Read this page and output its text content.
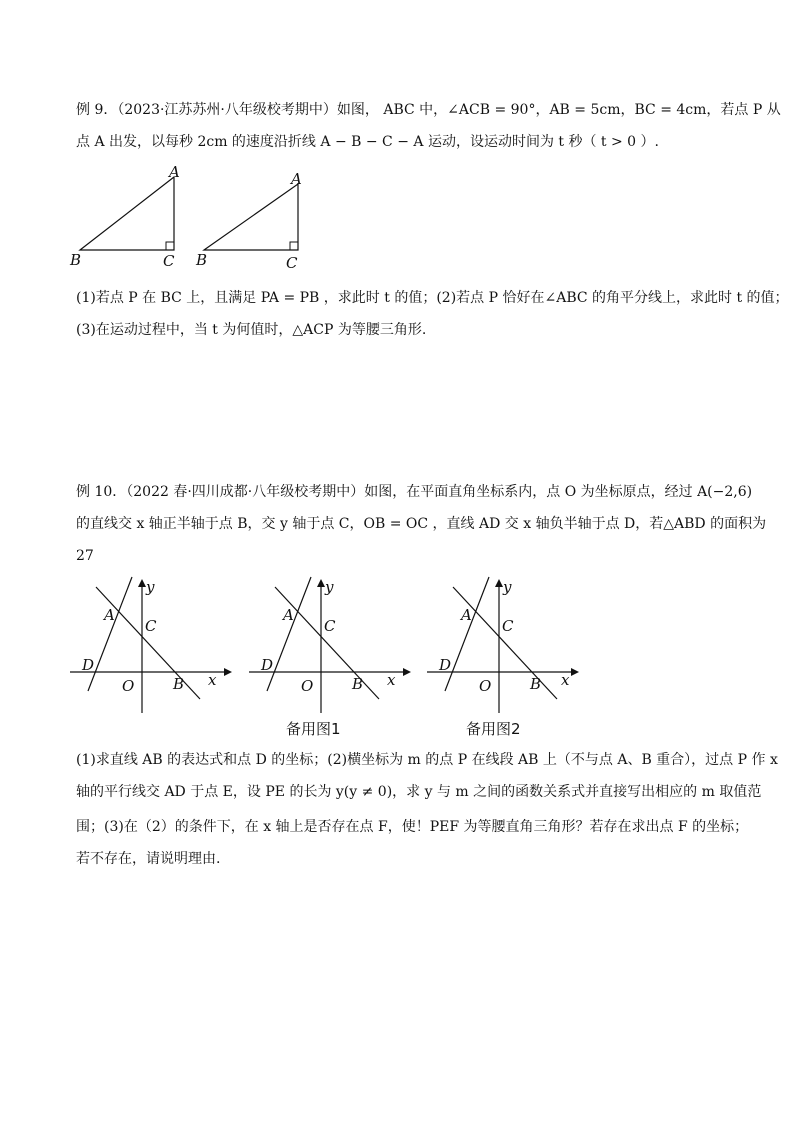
例 9．（2023·江苏苏州·八年级校考期中）如图， ABC 中，∠ACB = 90°，AB = 5cm，BC = 4cm，若点 P 从
点 A 出发，以每秒 2cm 的速度沿折线 A − B − C − A 运动，设运动时间为 t 秒（ t > 0 ）.
A
B	C
A
B	C
(1)若点 P 在 BC 上，且满足 PA = PB ，求此时 t 的值；(2)若点 P 恰好在∠ABC 的角平分线上，求此时 t 的值；
(3)在运动过程中，当 t 为何值时，△ACP 为等腰三角形.
例 10．（2022 春·四川成都·八年级校考期中）如图，在平面直角坐标系内，点 O 为坐标原点，经过 A(−2,6)
的直线交 x 轴正半轴于点 B，交 y 轴于点 C，OB = OC ，直线 AD 交 x 轴负半轴于点 D，若△ABD 的面积为
27
y
A
C
D
O	B x
y
A
C
D
O	B x
y
A
C
D
O	B x
备用图1	备用图2
(1)求直线 AB 的表达式和点 D 的坐标；(2)横坐标为 m 的点 P 在线段 AB 上（不与点 A、B 重合），过点 P 作 x
轴的平行线交 AD 于点 E，设 PE 的长为 y(y ≠ 0)，求 y 与 m 之间的函数关系式并直接写出相应的 m 取值范
围；(3)在（2）的条件下，在 x 轴上是否存在点 F，使！PEF 为等腰直角三角形？若存在求出点 F 的坐标；
若不存在，请说明理由.
